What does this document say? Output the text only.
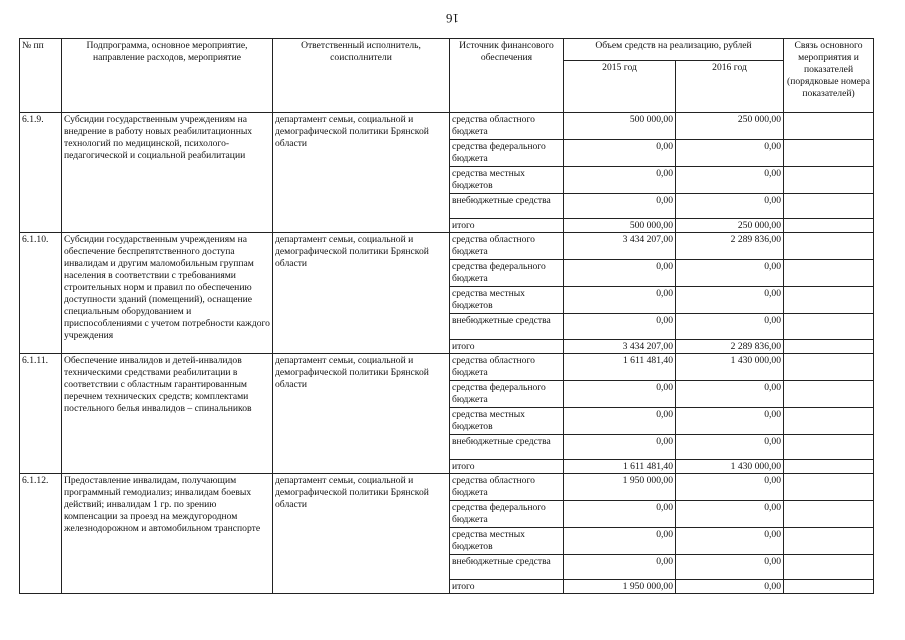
16
№ пп	Подпрограмма, основное мероприятие, направление расходов, мероприятие	Ответственный исполнитель, соисполнители	Источник финансового обеспечения	Объем средств на реализацию, рублей		Связь основного мероприятия и показателей (порядковые номера показателей)
				2015 год	2016 год	
6.1.9.	Субсидии государственным учреждениям на внедрение в работу новых реабилитационных технологий по медицинской, психолого-педагогической и социальной реабилитации	департамент семьи, социальной и демографической политики Брянской области	средства областного бюджета	500 000,00	250 000,00	
			средства федерального бюджета	0,00	0,00	
			средства местных бюджетов	0,00	0,00	
			внебюджетные средства	0,00	0,00	
			итого	500 000,00	250 000,00	
6.1.10.	Субсидии государственным учреждениям на обеспечение беспрепятственного доступа инвалидам и другим маломобильным группам населения в соответствии с требованиями строительных норм и правил по обеспечению доступности зданий (помещений), оснащение специальным оборудованием и приспособлениями с учетом потребности каждого учреждения	департамент семьи, социальной и демографической политики Брянской области	средства областного бюджета	3 434 207,00	2 289 836,00	
			средства федерального бюджета	0,00	0,00	
			средства местных бюджетов	0,00	0,00	
			внебюджетные средства	0,00	0,00	
			итого	3 434 207,00	2 289 836,00	
6.1.11.	Обеспечение инвалидов и детей-инвалидов техническими средствами реабилитации в соответствии с областным гарантированным перечнем технических средств; комплектами постельного белья инвалидов – спинальников	департамент семьи, социальной и демографической политики Брянской области	средства областного бюджета	1 611 481,40	1 430 000,00	
			средства федерального бюджета	0,00	0,00	
			средства местных бюджетов	0,00	0,00	
			внебюджетные средства	0,00	0,00	
			итого	1 611 481,40	1 430 000,00	
6.1.12.	Предоставление инвалидам, получающим программный гемодиализ; инвалидам боевых действий; инвалидам 1 гр. по зрению компенсации за проезд на междугородном железнодорожном и автомобильном транспорте	департамент семьи, социальной и демографической политики Брянской области	средства областного бюджета	1 950 000,00	0,00	
			средства федерального бюджета	0,00	0,00	
			средства местных бюджетов	0,00	0,00	
			внебюджетные средства	0,00	0,00	
			итого	1 950 000,00	0,00	
